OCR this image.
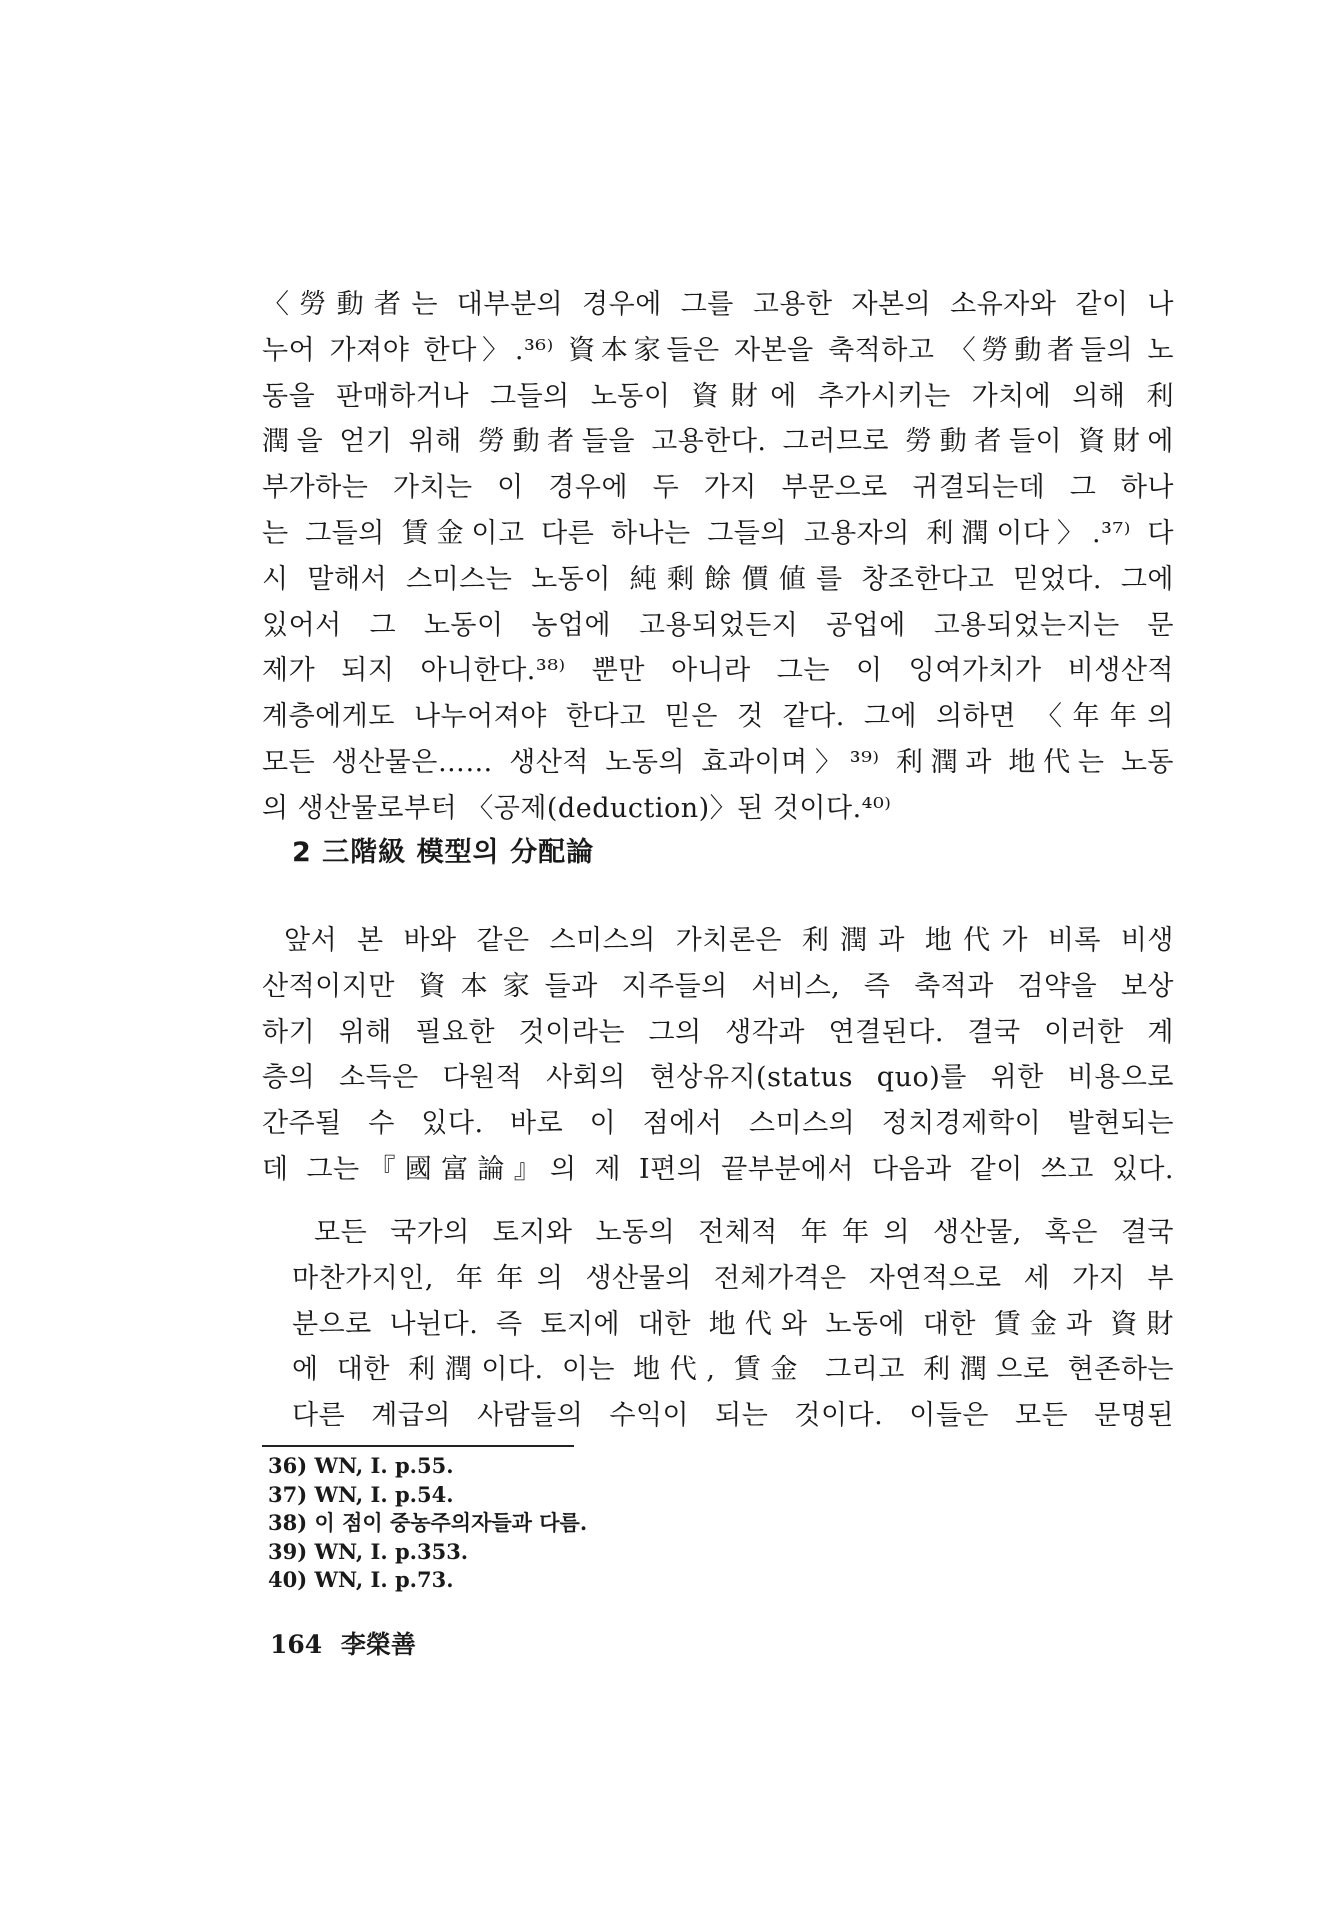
〈勞動者는 대부분의 경우에 그를 고용한 자본의 소유자와 같이 나
누어 가져야 한다〉.³⁶⁾ 資本家들은 자본을 축적하고 〈勞動者들의 노
동을 판매하거나 그들의 노동이 資財에 추가시키는 가치에 의해 利
潤을 얻기 위해 勞動者들을 고용한다. 그러므로 勞動者들이 資財에
부가하는 가치는 이 경우에 두 가지 부문으로 귀결되는데 그 하나
는 그들의 賃金이고 다른 하나는 그들의 고용자의 利潤이다〉.³⁷⁾ 다
시 말해서 스미스는 노동이 純剩餘價値를 창조한다고 믿었다. 그에
있어서 그 노동이 농업에 고용되었든지 공업에 고용되었는지는 문
제가 되지 아니한다.³⁸⁾ 뿐만 아니라 그는 이 잉여가치가 비생산적
계층에게도 나누어져야 한다고 믿은 것 같다. 그에 의하면 〈年年의
모든 생산물은…… 생산적 노동의 효과이며〉³⁹⁾ 利潤과 地代는 노동
의 생산물로부터 〈공제(deduction)〉된 것이다.⁴⁰⁾
2 三階級 模型의 分配論
앞서 본 바와 같은 스미스의 가치론은 利潤과 地代가 비록 비생
산적이지만 資本家들과 지주들의 서비스, 즉 축적과 검약을 보상
하기 위해 필요한 것이라는 그의 생각과 연결된다. 결국 이러한 계
층의 소득은 다원적 사회의 현상유지(status quo)를 위한 비용으로
간주될 수 있다. 바로 이 점에서 스미스의 정치경제학이 발현되는
데 그는『國富論』의 제 I편의 끝부분에서 다음과 같이 쓰고 있다.
모든 국가의 토지와 노동의 전체적 年年의 생산물, 혹은 결국
마찬가지인, 年年의 생산물의 전체가격은 자연적으로 세 가지 부
분으로 나뉜다. 즉 토지에 대한 地代와 노동에 대한 賃金과 資財
에 대한 利潤이다. 이는 地代, 賃金 그리고 利潤으로 현존하는
다른 계급의 사람들의 수익이 되는 것이다. 이들은 모든 문명된
36) WN, I. p.55.
37) WN, I. p.54.
38) 이 점이 중농주의자들과 다름.
39) WN, I. p.353.
40) WN, I. p.73.
164 李榮善
